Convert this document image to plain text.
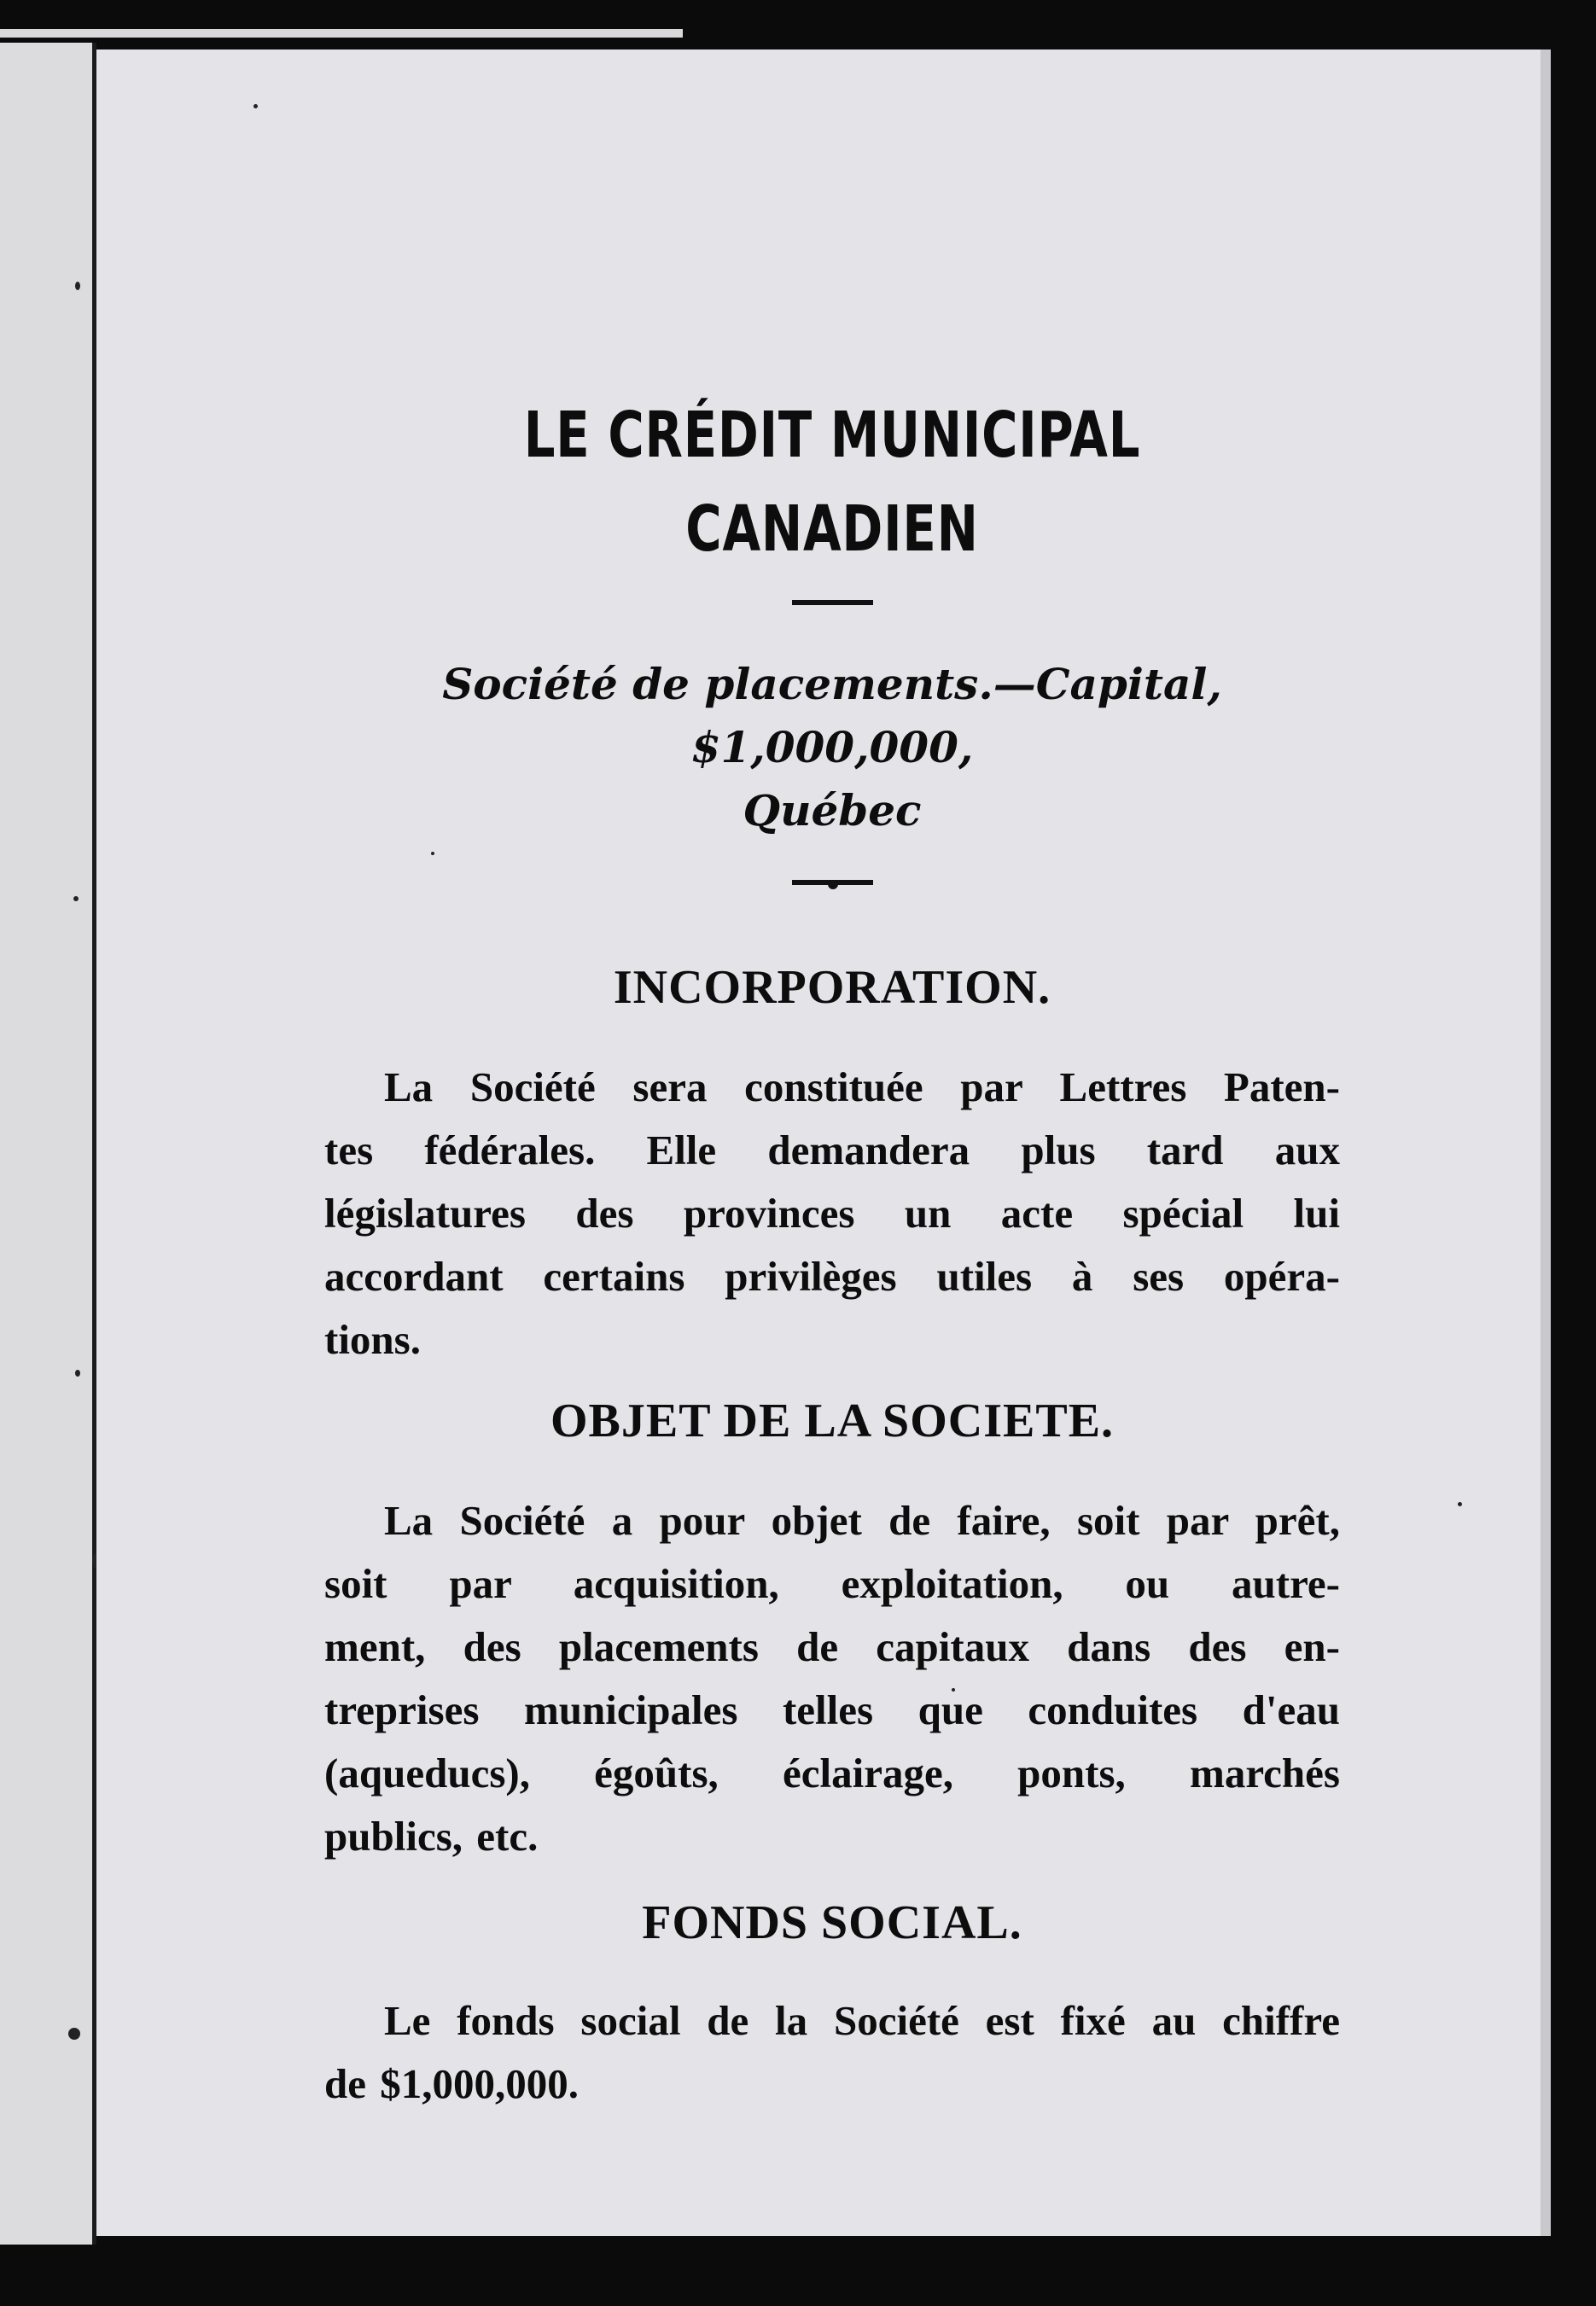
LE CRÉDIT MUNICIPAL CANADIEN

Société de placements.—Capital, $1,000,000,
Québec

INCORPORATION.

La Société sera constituée par Lettres Paten-
tes fédérales. Elle demandera plus tard aux
législatures des provinces un acte spécial lui
accordant certains privilèges utiles à ses opéra-
tions.

OBJET DE LA SOCIETE.

La Société a pour objet de faire, soit par prêt,
soit par acquisition, exploitation, ou autre-
ment, des placements de capitaux dans des en-
treprises municipales telles que conduites d'eau
(aqueducs), égoûts, éclairage, ponts, marchés
publics, etc.

FONDS SOCIAL.

Le fonds social de la Société est fixé au chiffre
de $1,000,000.
